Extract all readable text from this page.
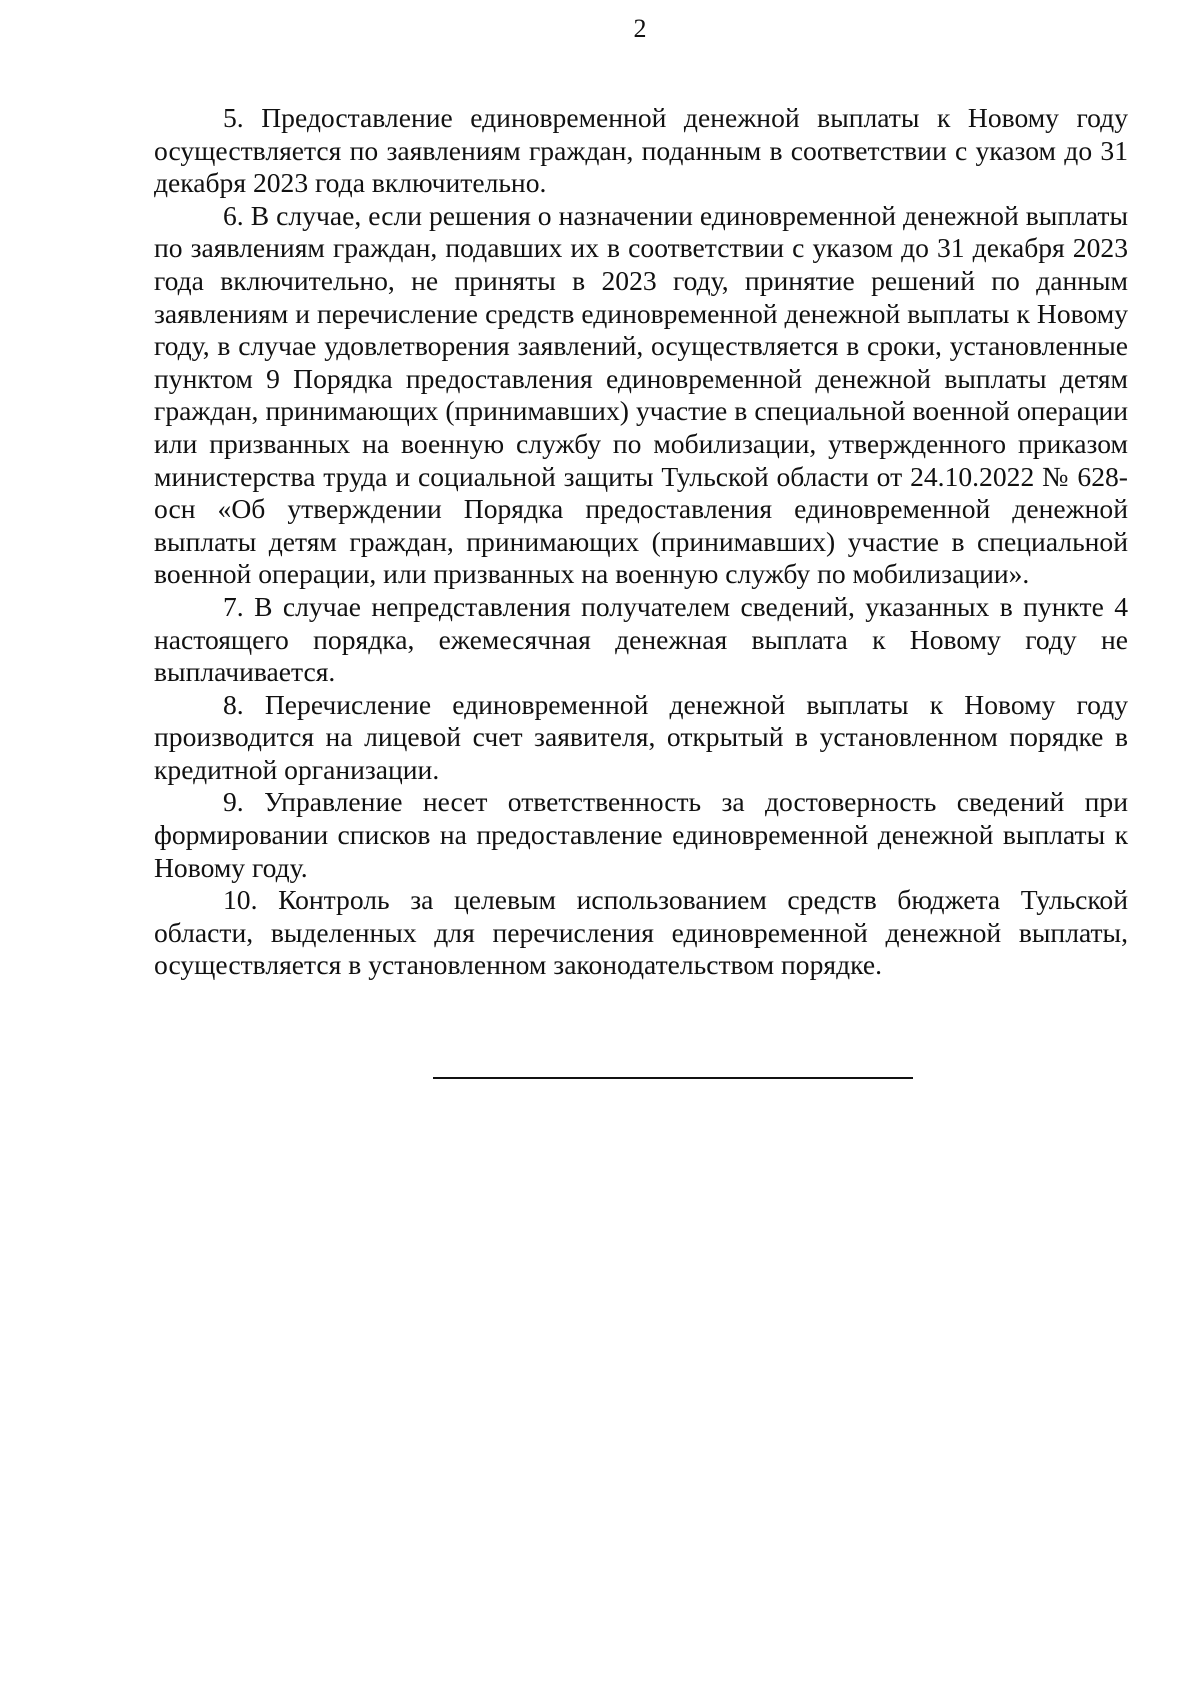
2

5. Предоставление единовременной денежной выплаты к Новому году осуществляется по заявлениям граждан, поданным в соответствии с указом до 31 декабря 2023 года включительно.

6. В случае, если решения о назначении единовременной денежной выплаты по заявлениям граждан, подавших их в соответствии с указом до 31 декабря 2023 года включительно, не приняты в 2023 году, принятие решений по данным заявлениям и перечисление средств единовременной денежной выплаты к Новому году, в случае удовлетворения заявлений, осуществляется в сроки, установленные пунктом 9 Порядка предоставления единовременной денежной выплаты детям граждан, принимающих (принимавших) участие в специальной военной операции или призванных на военную службу по мобилизации, утвержденного приказом министерства труда и социальной защиты Тульской области от 24.10.2022 № 628-осн «Об утверждении Порядка предоставления единовременной денежной выплаты детям граждан, принимающих (принимавших) участие в специальной военной операции, или призванных на военную службу по мобилизации».

7. В случае непредставления получателем сведений, указанных в пункте 4 настоящего порядка, ежемесячная денежная выплата к Новому году не выплачивается.

8. Перечисление единовременной денежной выплаты к Новому году производится на лицевой счет заявителя, открытый в установленном порядке в кредитной организации.

9. Управление несет ответственность за достоверность сведений при формировании списков на предоставление единовременной денежной выплаты к Новому году.

10. Контроль за целевым использованием средств бюджета Тульской области, выделенных для перечисления единовременной денежной выплаты, осуществляется в установленном законодательством порядке.
